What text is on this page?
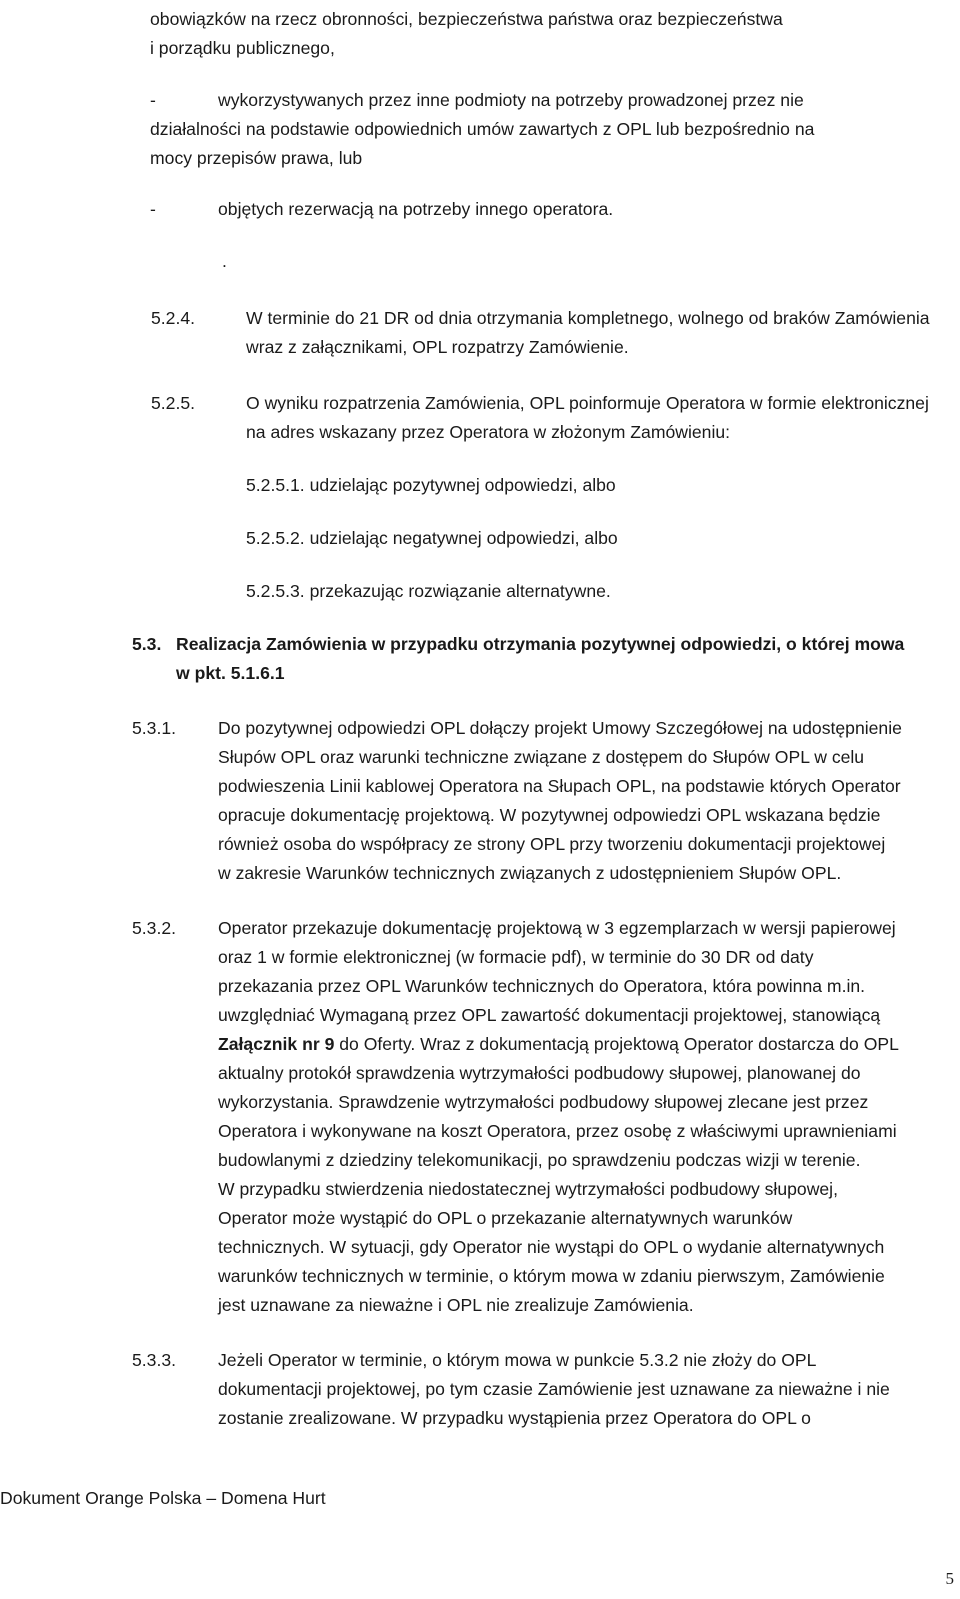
obowiązków na rzecz obronności, bezpieczeństwa państwa oraz bezpieczeństwa
i porządku publicznego,
-	wykorzystywanych przez inne podmioty na potrzeby prowadzonej przez nie
działalności na podstawie odpowiednich umów zawartych z OPL lub bezpośrednio na
mocy przepisów prawa, lub
-	objętych rezerwacją na potrzeby innego operatora.
.
5.2.4.	W terminie do 21 DR od dnia otrzymania kompletnego, wolnego od braków Zamówienia
wraz z załącznikami, OPL rozpatrzy Zamówienie.
5.2.5.	O wyniku rozpatrzenia Zamówienia, OPL poinformuje Operatora w formie elektronicznej
na adres wskazany przez Operatora w złożonym Zamówieniu:
5.2.5.1. udzielając pozytywnej odpowiedzi, albo
5.2.5.2. udzielając negatywnej odpowiedzi, albo
5.2.5.3. przekazując rozwiązanie alternatywne.
5.3. Realizacja Zamówienia w przypadku otrzymania pozytywnej odpowiedzi, o której mowa
w pkt. 5.1.6.1
5.3.1. Do pozytywnej odpowiedzi OPL dołączy projekt Umowy Szczegółowej na udostępnienie
Słupów OPL oraz warunki techniczne związane z dostępem do Słupów OPL w celu
podwieszenia Linii kablowej Operatora na Słupach OPL, na podstawie których Operator
opracuje dokumentację projektową. W pozytywnej odpowiedzi OPL wskazana będzie
również osoba do współpracy ze strony OPL przy tworzeniu dokumentacji projektowej
w zakresie Warunków technicznych związanych z udostępnieniem Słupów OPL.
5.3.2. Operator przekazuje dokumentację projektową w 3 egzemplarzach w wersji papierowej
oraz 1 w formie elektronicznej (w formacie pdf), w terminie do 30 DR od daty
przekazania przez OPL Warunków technicznych do Operatora, która powinna m.in.
uwzględniać Wymaganą przez OPL zawartość dokumentacji projektowej, stanowiącą
Załącznik nr 9 do Oferty. Wraz z dokumentacją projektową Operator dostarcza do OPL
aktualny protokół sprawdzenia wytrzymałości podbudowy słupowej, planowanej do
wykorzystania. Sprawdzenie wytrzymałości podbudowy słupowej zlecane jest przez
Operatora i wykonywane na koszt Operatora, przez osobę z właściwymi uprawnieniami
budowlanymi z dziedziny telekomunikacji, po sprawdzeniu podczas wizji w terenie.
W przypadku stwierdzenia niedostatecznej wytrzymałości podbudowy słupowej,
Operator może wystąpić do OPL o przekazanie alternatywnych warunków
technicznych. W sytuacji, gdy Operator nie wystąpi do OPL o wydanie alternatywnych
warunków technicznych w terminie, o którym mowa w zdaniu pierwszym, Zamówienie
jest uznawane za nieważne i OPL nie zrealizuje Zamówienia.
5.3.3. Jeżeli Operator w terminie, o którym mowa w punkcie 5.3.2 nie złoży do OPL
dokumentacji projektowej, po tym czasie Zamówienie jest uznawane za nieważne i nie
zostanie zrealizowane. W przypadku wystąpienia przez Operatora do OPL o
Dokument Orange Polska – Domena Hurt
5
